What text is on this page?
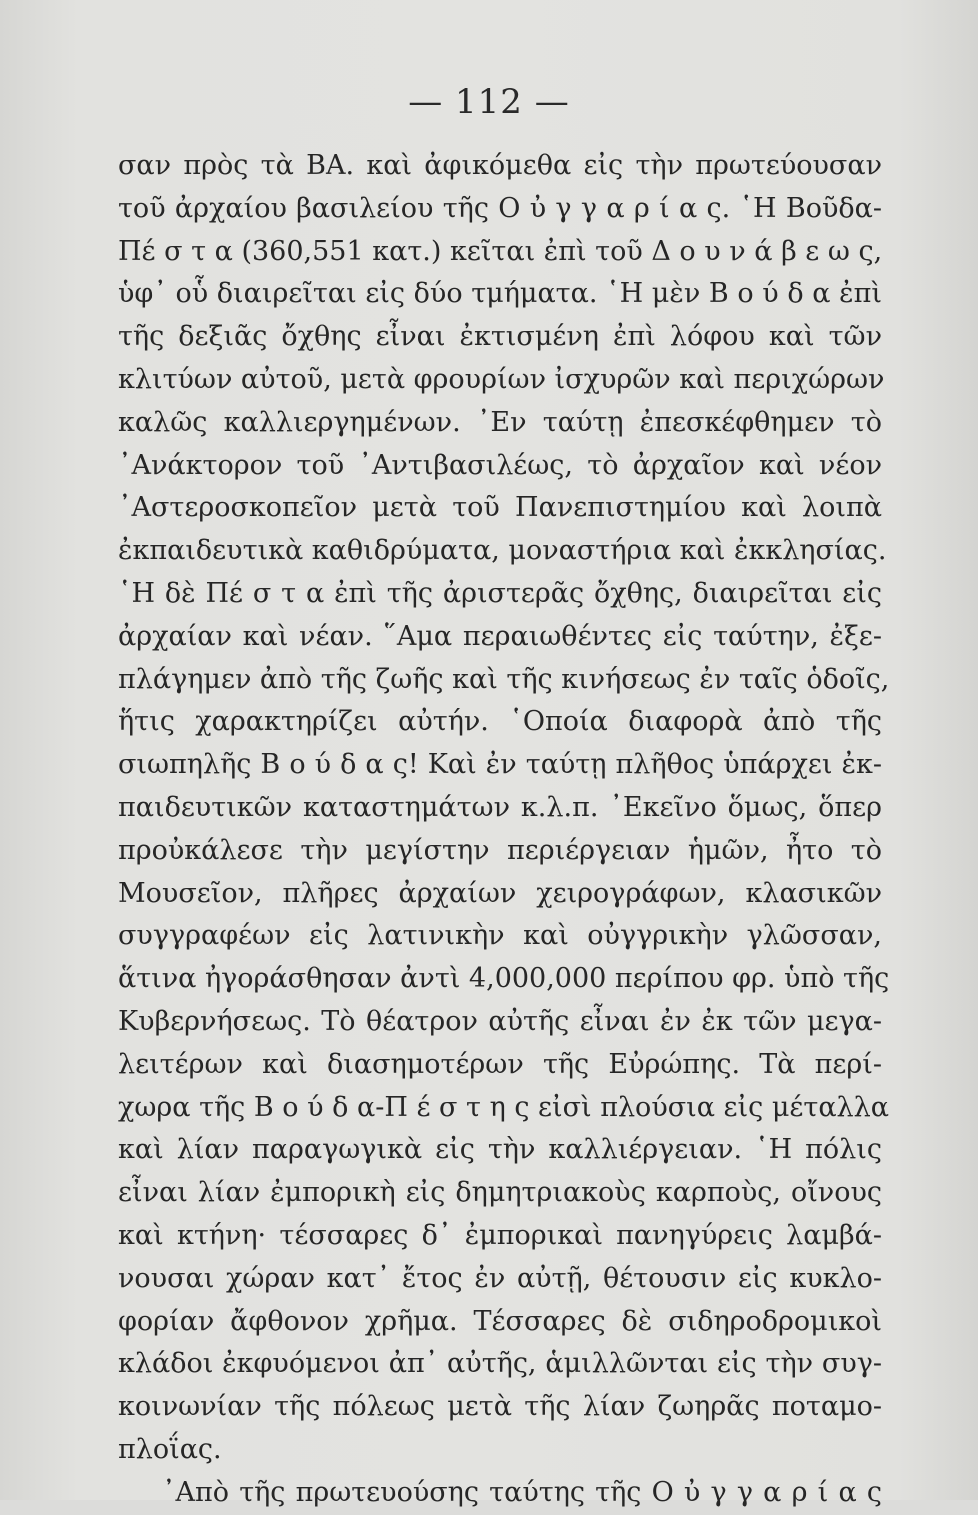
— 112 —
σαν πρὸς τὰ ΒΑ. καὶ ἀφικόμεθα εἰς τὴν πρωτεύουσαν
τοῦ ἀρχαίου βασιλείου τῆς Ο ὐ γ γ α ρ ί α ς. ῾Η Βοῦδα-
Πέ σ τ α (360,551 κατ.) κεῖται ἐπὶ τοῦ Δ ο υ ν ά β ε ω ς,
ὑφ᾽ οὗ διαιρεῖται εἰς δύο τμήματα. ῾Η μὲν Β ο ύ δ α ἐπὶ
τῆς δεξιᾶς ὄχθης εἶναι ἐκτισμένη ἐπὶ λόφου καὶ τῶν
κλιτύων αὐτοῦ, μετὰ φρουρίων ἰσχυρῶν καὶ περιχώρων
καλῶς καλλιεργημένων. ᾿Εν ταύτῃ ἐπεσκέφθημεν τὸ
᾿Ανάκτορον τοῦ ᾿Αντιβασιλέως, τὸ ἀρχαῖον καὶ νέον
᾿Αστεροσκοπεῖον μετὰ τοῦ Πανεπιστημίου καὶ λοιπὰ
ἐκπαιδευτικὰ καθιδρύματα, μοναστήρια καὶ ἐκκλησίας.
῾Η δὲ Πέ σ τ α ἐπὶ τῆς ἀριστερᾶς ὄχθης, διαιρεῖται εἰς
ἀρχαίαν καὶ νέαν. ῞Αμα περαιωθέντες εἰς ταύτην, ἐξε-
πλάγημεν ἀπὸ τῆς ζωῆς καὶ τῆς κινήσεως ἐν ταῖς ὁδοῖς,
ἥτις χαρακτηρίζει αὐτήν. ῾Οποία διαφορὰ ἀπὸ τῆς
σιωπηλῆς Β ο ύ δ α ς! Καὶ ἐν ταύτῃ πλῆθος ὑπάρχει ἐκ-
παιδευτικῶν καταστημάτων κ.λ.π. ᾿Εκεῖνο ὅμως, ὅπερ
προὐκάλεσε τὴν μεγίστην περιέργειαν ἡμῶν, ἦτο τὸ
Μουσεῖον, πλῆρες ἀρχαίων χειρογράφων, κλασικῶν
συγγραφέων εἰς λατινικὴν καὶ οὐγγρικὴν γλῶσσαν,
ἅτινα ἠγοράσθησαν ἀντὶ 4,000,000 περίπου φρ. ὑπὸ τῆς
Κυβερνήσεως. Τὸ θέατρον αὐτῆς εἶναι ἐν ἐκ τῶν μεγα-
λειτέρων καὶ διασημοτέρων τῆς Εὐρώπης. Τὰ περί-
χωρα τῆς Β ο ύ δ α-Π έ σ τ η ς εἰσὶ πλούσια εἰς μέταλλα
καὶ λίαν παραγωγικὰ εἰς τὴν καλλιέργειαν. ῾Η πόλις
εἶναι λίαν ἐμπορικὴ εἰς δημητριακοὺς καρποὺς, οἴνους
καὶ κτήνη· τέσσαρες δ᾽ ἐμπορικαὶ πανηγύρεις λαμβά-
νουσαι χώραν κατ᾽ ἔτος ἐν αὐτῇ, θέτουσιν εἰς κυκλο-
φορίαν ἄφθονον χρῆμα. Τέσσαρες δὲ σιδηροδρομικοὶ
κλάδοι ἐκφυόμενοι ἀπ᾽ αὐτῆς, ἁμιλλῶνται εἰς τὴν συγ-
κοινωνίαν τῆς πόλεως μετὰ τῆς λίαν ζωηρᾶς ποταμο-
πλοΐας.
᾿Απὸ τῆς πρωτευούσης ταύτης τῆς Ο ὐ γ γ α ρ ί α ς
